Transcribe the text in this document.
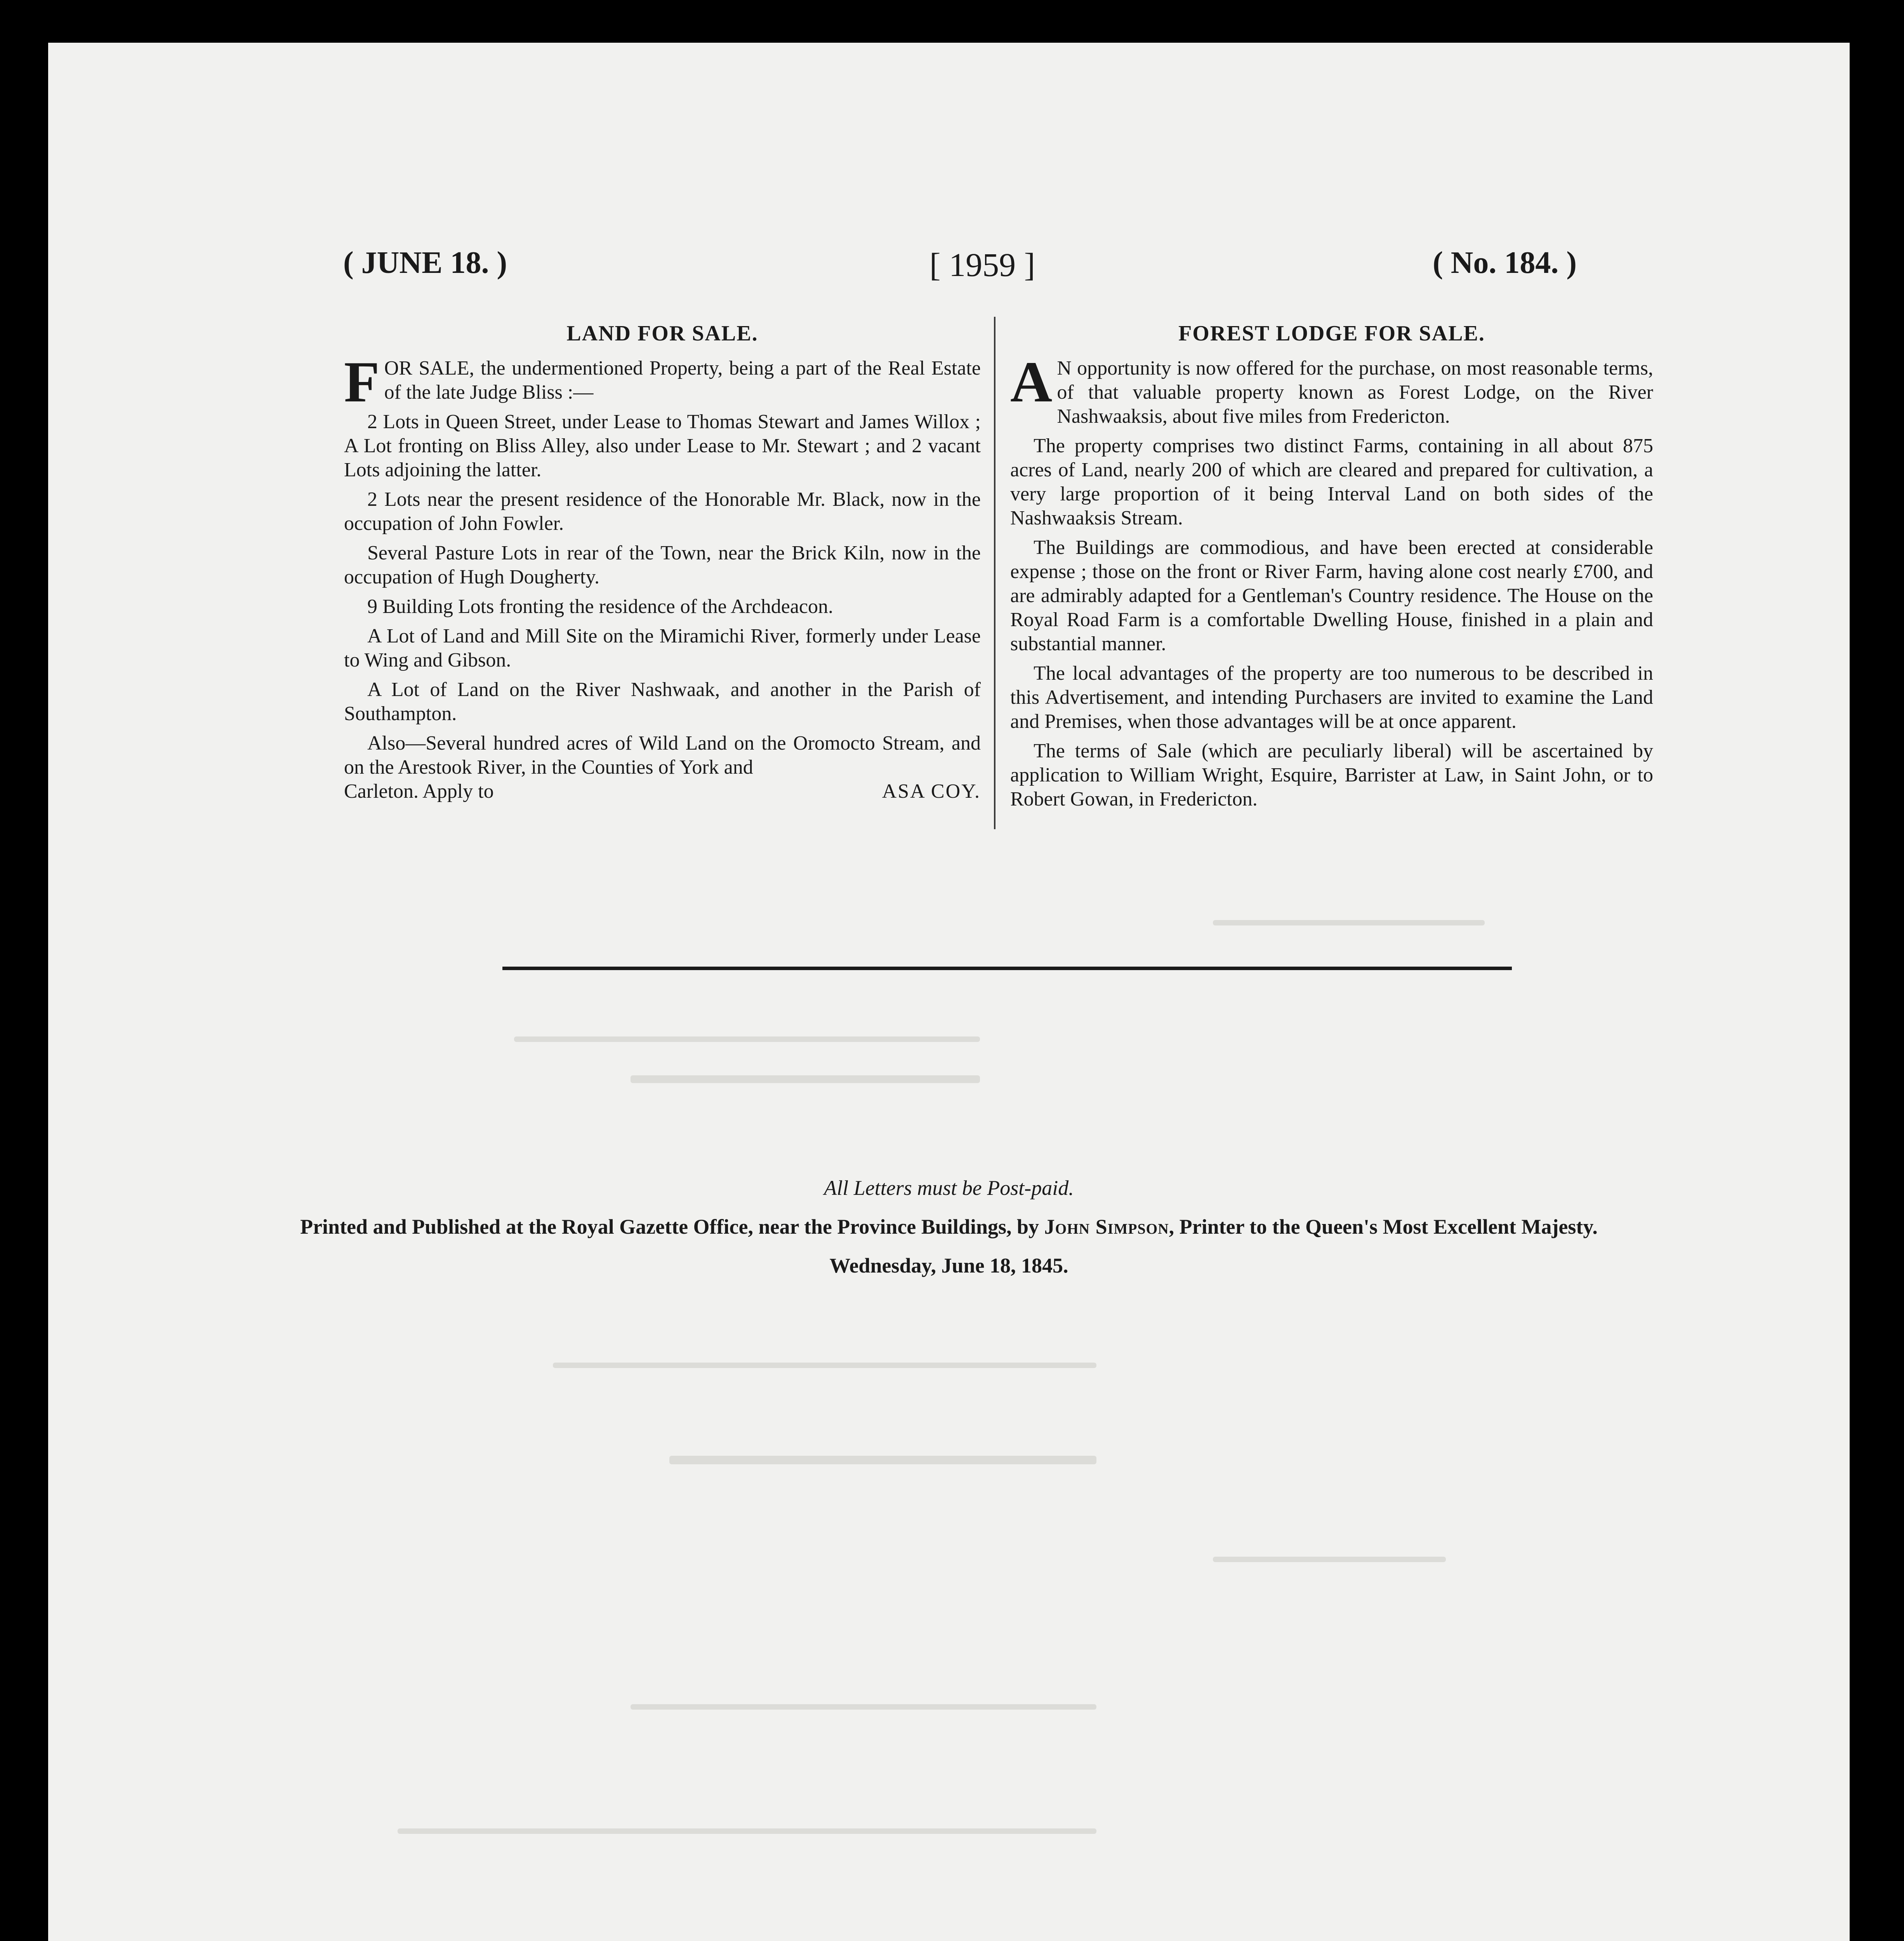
( JUNE 18. )	[ 1959 ]	( No. 184. )
LAND FOR SALE.

FOR SALE, the undermentioned Property, being a part of the Real Estate of the late Judge Bliss :—

2 Lots in Queen Street, under Lease to Thomas Stewart and James Willox ; A Lot fronting on Bliss Alley, also under Lease to Mr. Stewart ; and 2 vacant Lots adjoining the latter.

2 Lots near the present residence of the Honorable Mr. Black, now in the occupation of John Fowler.

Several Pasture Lots in rear of the Town, near the Brick Kiln, now in the occupation of Hugh Dougherty.

9 Building Lots fronting the residence of the Archdeacon.

A Lot of Land and Mill Site on the Miramichi River, formerly under Lease to Wing and Gibson.

A Lot of Land on the River Nashwaak, and another in the Parish of Southampton.

Also—Several hundred acres of Wild Land on the Oromocto Stream, and on the Arestook River, in the Counties of York and

Carleton. Apply to	ASA COY.
FOREST LODGE FOR SALE.

A N opportunity is now offered for the purchase, on most reasonable terms, of that valuable property known as Forest Lodge, on the River Nashwaaksis, about five miles from Fredericton.

The property comprises two distinct Farms, containing in all about 875 acres of Land, nearly 200 of which are cleared and prepared for cultivation, a very large proportion of it being Interval Land on both sides of the Nashwaaksis Stream.

The Buildings are commodious, and have been erected at considerable expense ; those on the front or River Farm, having alone cost nearly £700, and are admirably adapted for a Gentleman's Country residence. The House on the Royal Road Farm is a comfortable Dwelling House, finished in a plain and substantial manner.

The local advantages of the property are too numerous to be described in this Advertisement, and intending Purchasers are invited to examine the Land and Premises, when those advantages will be at once apparent.

The terms of Sale (which are peculiarly liberal) will be ascertained by application to William Wright, Esquire, Barrister at Law, in Saint John, or to Robert Gowan, in Fredericton.

All Letters must be Post-paid.
Printed and Published at the Royal Gazette Office, near the Province Buildings, by John Simpson, Printer to the Queen's Most Excellent Majesty.
Wednesday, June 18, 1845.
